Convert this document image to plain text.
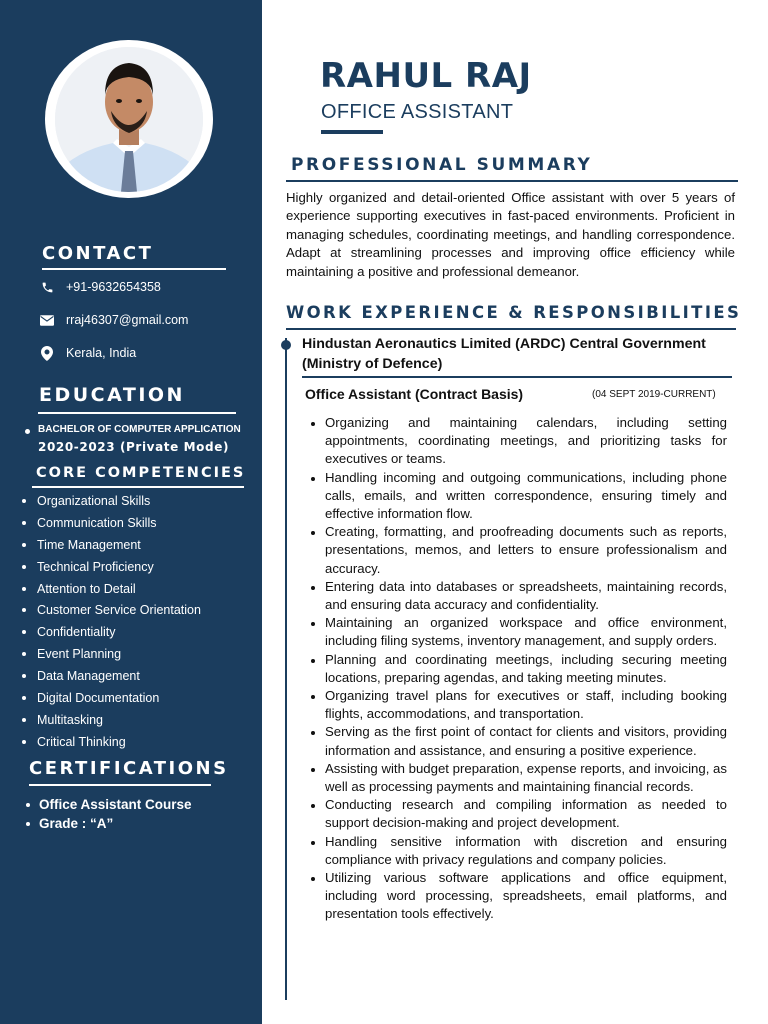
CONTACT
+91-9632654358
rraj46307@gmail.com
Kerala, India
EDUCATION
BACHELOR OF COMPUTER APPLICATION
2020-2023 (Private Mode)
CORE COMPETENCIES
Organizational Skills
Communication Skills
Time Management
Technical Proficiency
Attention to Detail
Customer Service Orientation
Confidentiality
Event Planning
Data Management
Digital Documentation
Multitasking
Critical Thinking
CERTIFICATIONS
Office Assistant Course
Grade : “A”
RAHUL RAJ
OFFICE ASSISTANT
PROFESSIONAL SUMMARY

Highly organized and detail-oriented Office assistant with over 5 years of experience supporting executives in fast-paced environments. Proficient in managing schedules, coordinating meetings, and handling correspondence. Adapt at streamlining processes and improving office efficiency while maintaining a positive and professional demeanor.

WORK EXPERIENCE & RESPONSIBILITIES
Hindustan Aeronautics Limited (ARDC) Central Government (Ministry of Defence)
Office Assistant (Contract Basis)	(04 SEPT 2019-CURRENT)
Organizing and maintaining calendars, including setting appointments, coordinating meetings, and prioritizing tasks for executives or teams.
Handling incoming and outgoing communications, including phone calls, emails, and written correspondence, ensuring timely and effective information flow.
Creating, formatting, and proofreading documents such as reports, presentations, memos, and letters to ensure professionalism and accuracy.
Entering data into databases or spreadsheets, maintaining records, and ensuring data accuracy and confidentiality.
Maintaining an organized workspace and office environment, including filing systems, inventory management, and supply orders.
Planning and coordinating meetings, including securing meeting locations, preparing agendas, and taking meeting minutes.
Organizing travel plans for executives or staff, including booking flights, accommodations, and transportation.
Serving as the first point of contact for clients and visitors, providing information and assistance, and ensuring a positive experience.
Assisting with budget preparation, expense reports, and invoicing, as well as processing payments and maintaining financial records.
Conducting research and compiling information as needed to support decision-making and project development.
Handling sensitive information with discretion and ensuring compliance with privacy regulations and company policies.
Utilizing various software applications and office equipment, including word processing, spreadsheets, email platforms, and presentation tools effectively.
